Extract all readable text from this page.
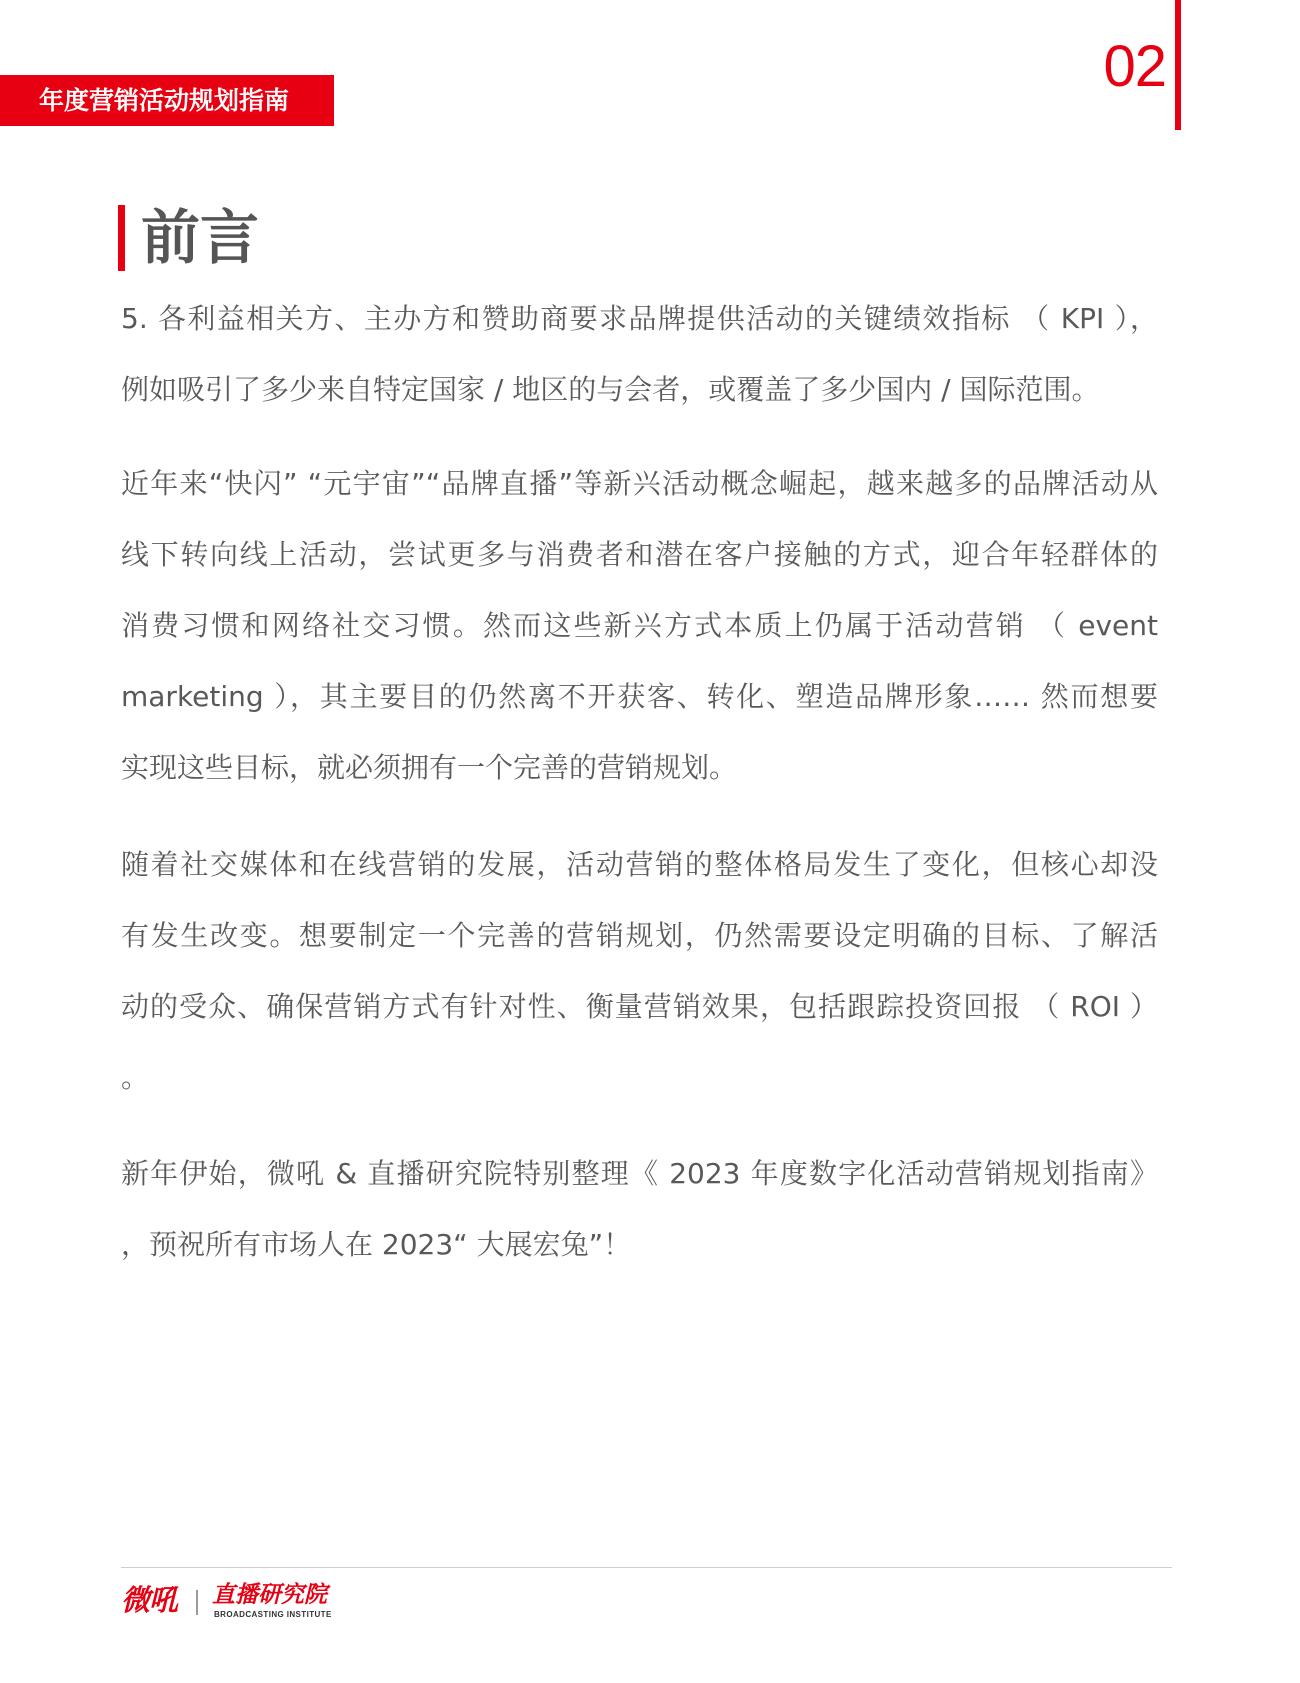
年度营销活动规划指南
02
前言
5. 各利益相关方、主办方和赞助商要求品牌提供活动的关键绩效指标 （ KPI ），
例如吸引了多少来自特定国家 / 地区的与会者，或覆盖了多少国内 / 国际范围。
近年来“快闪” “元宇宙”“品牌直播”等新兴活动概念崛起，越来越多的品牌活动从
线下转向线上活动，尝试更多与消费者和潜在客户接触的方式，迎合年轻群体的
消费习惯和网络社交习惯。然而这些新兴方式本质上仍属于活动营销 （ event
marketing ），其主要目的仍然离不开获客、转化、塑造品牌形象…… 然而想要
实现这些目标，就必须拥有一个完善的营销规划。
随着社交媒体和在线营销的发展，活动营销的整体格局发生了变化，但核心却没
有发生改变。想要制定一个完善的营销规划，仍然需要设定明确的目标、了解活
动的受众、确保营销方式有针对性、衡量营销效果，包括跟踪投资回报 （ ROI ）
。
新年伊始，微吼 & 直播研究院特别整理《 2023 年度数字化活动营销规划指南》
，预祝所有市场人在 2023“ 大展宏兔”！
微吼 直播研究院
BROADCASTING INSTITUTE
